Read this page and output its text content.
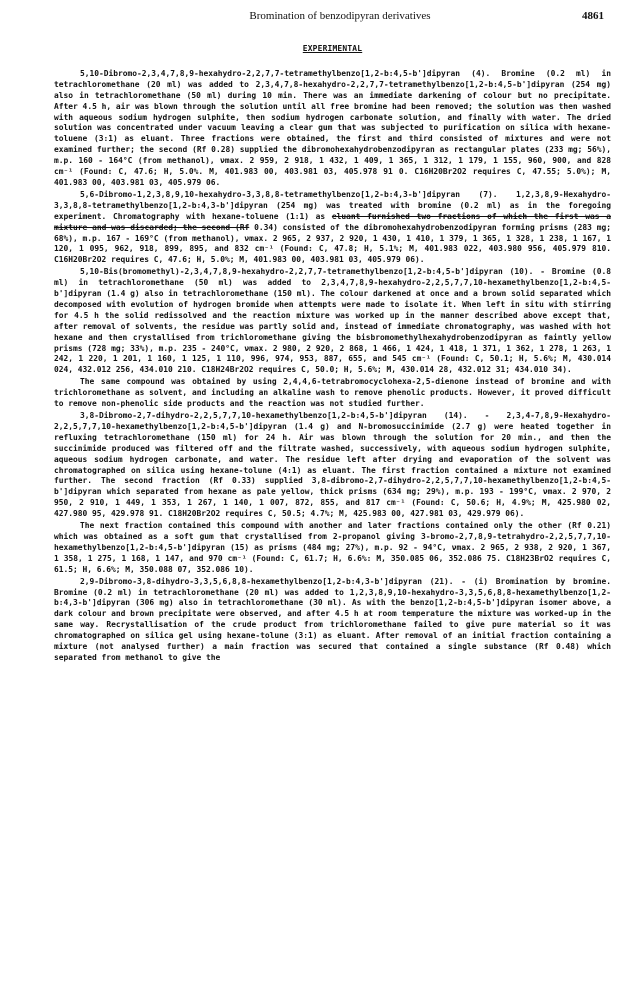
Bromination of benzodipyran derivatives	4861
EXPERIMENTAL

5,10-Dibromo-2,3,4,7,8,9-hexahydro-2,2,7,7-tetramethylbenzo[1,2-b:4,5-b']dipyran (4). Bromine (0.2 ml) in tetrachloromethane (20 ml) was added to 2,3,4,7,8-hexahydro-2,2,7,7-tetramethylbenzo[1,2-b:4,5-b']dipyran (254 mg) also in tetrachloromethane (50 ml) during 10 min. There was an immediate darkening of colour but no precipitate. After 4.5 h, air was blown through the solution until all free bromine had been removed; the solution was then washed with aqueous sodium hydrogen sulphite, then sodium hydrogen carbonate solution, and finally with water. The dried solution was concentrated under vacuum leaving a clear gum that was subjected to purification on silica with hexane-toluene (3:1) as eluant. Three fractions were obtained, the first and third consisted of mixtures and were not examined further; the second (Rf 0.28) supplied the dibromohexahydrobenzodipyran as rectangular plates (233 mg; 56%), m.p. 160 - 164°C (from methanol), νmax. 2 959, 2 918, 1 432, 1 409, 1 365, 1 312, 1 179, 1 155, 960, 900, and 828 cm⁻¹ (Found: C, 47.6; H, 5.0%. M, 401.983 00, 403.981 03, 405.978 91 0. C16H20Br2O2 requires C, 47.55; 5.0%); M, 401.983 00, 403.981 03, 405.979 06.

5,6-Dibromo-1,2,3,8,9,10-hexahydro-3,3,8,8-tetramethylbenzo[1,2-b:4,3-b']dipyran (7). 1,2,3,8,9-Hexahydro-3,3,8,8-tetramethylbenzo[1,2-b:4,3-b']dipyran (254 mg) was treated with bromine (0.2 ml) as in the foregoing experiment. Chromatography with hexane-toluene (1:1) as eluant furnished two fractions of which the first was a mixture and was discarded; the second (Rf 0.34) consisted of the dibromohexahydrobenzodipyran forming prisms (283 mg; 68%), m.p. 167 - 169°C (from methanol), νmax. 2 965, 2 937, 2 920, 1 430, 1 410, 1 379, 1 365, 1 328, 1 238, 1 167, 1 120, 1 095, 962, 918, 899, 895, and 832 cm⁻¹ (Found: C, 47.8; H, 5.1%; M, 401.983 022, 403.980 956, 405.979 810. C16H20Br2O2 requires C, 47.6; H, 5.0%; M, 401.983 00, 403.981 03, 405.979 06).

5,10-Bis(bromomethyl)-2,3,4,7,8,9-hexahydro-2,2,7,7-tetramethylbenzo[1,2-b:4,5-b']dipyran (10). - Bromine (0.8 ml) in tetrachloromethane (50 ml) was added to 2,3,4,7,8,9-hexahydro-2,2,5,7,7,10-hexamethylbenzo[1,2-b:4,5-b']dipyran (1.4 g) also in tetrachloromethane (150 ml). The colour darkened at once and a brown solid separated which decomposed with evolution of hydrogen bromide when attempts were made to isolate it. When left in situ with stirring for 4.5 h the solid redissolved and the reaction mixture was worked up in the manner described above except that, after removal of solvents, the residue was partly solid and, instead of immediate chromatography, was washed with hot hexane and then crystallised from trichloromethane giving the bisbromomethylhexahydrobenzodipyran as faintly yellow prisms (728 mg; 33%), m.p. 235 - 240°C, νmax. 2 980, 2 920, 2 868, 1 466, 1 424, 1 418, 1 371, 1 362, 1 278, 1 263, 1 242, 1 220, 1 201, 1 160, 1 125, 1 110, 996, 974, 953, 887, 655, and 545 cm⁻¹ (Found: C, 50.1; H, 5.6%; M, 430.014 024, 432.012 256, 434.010 210. C18H24Br2O2 requires C, 50.0; H, 5.6%; M, 430.014 28, 432.012 31; 434.010 34).

The same compound was obtained by using 2,4,4,6-tetrabromocyclohexa-2,5-dienone instead of bromine and with trichloromethane as solvent, and including an alkaline wash to remove phenolic products. However, it proved difficult to remove non-phenolic side products and the reaction was not studied further.

3,8-Dibromo-2,7-dihydro-2,2,5,7,7,10-hexamethylbenzo[1,2-b:4,5-b']dipyran (14). - 2,3,4-7,8,9-Hexahydro-2,2,5,7,7,10-hexamethylbenzo[1,2-b:4,5-b']dipyran (1.4 g) and N-bromosuccinimide (2.7 g) were heated together in refluxing tetrachloromethane (150 ml) for 24 h. Air was blown through the solution for 20 min., and then the succinimide produced was filtered off and the filtrate washed, successively, with aqueous sodium hydrogen sulphite, aqueous sodium hydrogen carbonate, and water. The residue left after drying and evaporation of the solvent was chromatographed on silica using hexane-tolune (4:1) as eluant. The first fraction contained a mixture not examined further. The second fraction (Rf 0.33) supplied 3,8-dibromo-2,7-dihydro-2,2,5,7,7,10-hexamethylbenzo[1,2-b:4,5-b']dipyran which separated from hexane as pale yellow, thick prisms (634 mg; 29%), m.p. 193 - 199°C, νmax. 2 970, 2 950, 2 910, 1 449, 1 353, 1 267, 1 140, 1 007, 872, 855, and 817 cm⁻¹ (Found: C, 50.6; H, 4.9%; M, 425.980 02, 427.980 95, 429.978 91. C18H20Br2O2 requires C, 50.5; 4.7%; M, 425.983 00, 427.981 03, 429.979 06).

The next fraction contained this compound with another and later fractions contained only the other (Rf 0.21) which was obtained as a soft gum that crystallised from 2-propanol giving 3-bromo-2,7,8,9-tetrahydro-2,2,5,7,7,10-hexamethylbenzo[1,2-b:4,5-b']dipyran (15) as prisms (484 mg; 27%), m.p. 92 - 94°C, νmax. 2 965, 2 938, 2 920, 1 367, 1 358, 1 275, 1 168, 1 147, and 970 cm⁻¹ (Found: C, 61.7; H, 6.6%: M, 350.085 06, 352.086 75. C18H23BrO2 requires C, 61.5; H, 6.6%; M, 350.088 07, 352.086 10).

2,9-Dibromo-3,8-dihydro-3,3,5,6,8,8-hexamethylbenzo[1,2-b:4,3-b']dipyran (21). - (i) Bromination by bromine. Bromine (0.2 ml) in tetrachloromethane (20 ml) was added to 1,2,3,8,9,10-hexahydro-3,3,5,6,8,8-hexamethylbenzo[1,2-b:4,3-b']dipyran (306 mg) also in tetrachloromethane (30 ml). As with the benzo[1,2-b:4,5-b']dipyran isomer above, a dark colour and brown precipitate were observed, and after 4.5 h at room temperature the mixture was worked-up in the same way. Recrystallisation of the crude product from trichloromethane failed to give pure material so it was chromatographed on silica gel using hexane-tolune (3:1) as eluant. After removal of an initial fraction containing a mixture (not analysed further) a main fraction was secured that contained a single substance (Rf 0.48) which separated from methanol to give the
